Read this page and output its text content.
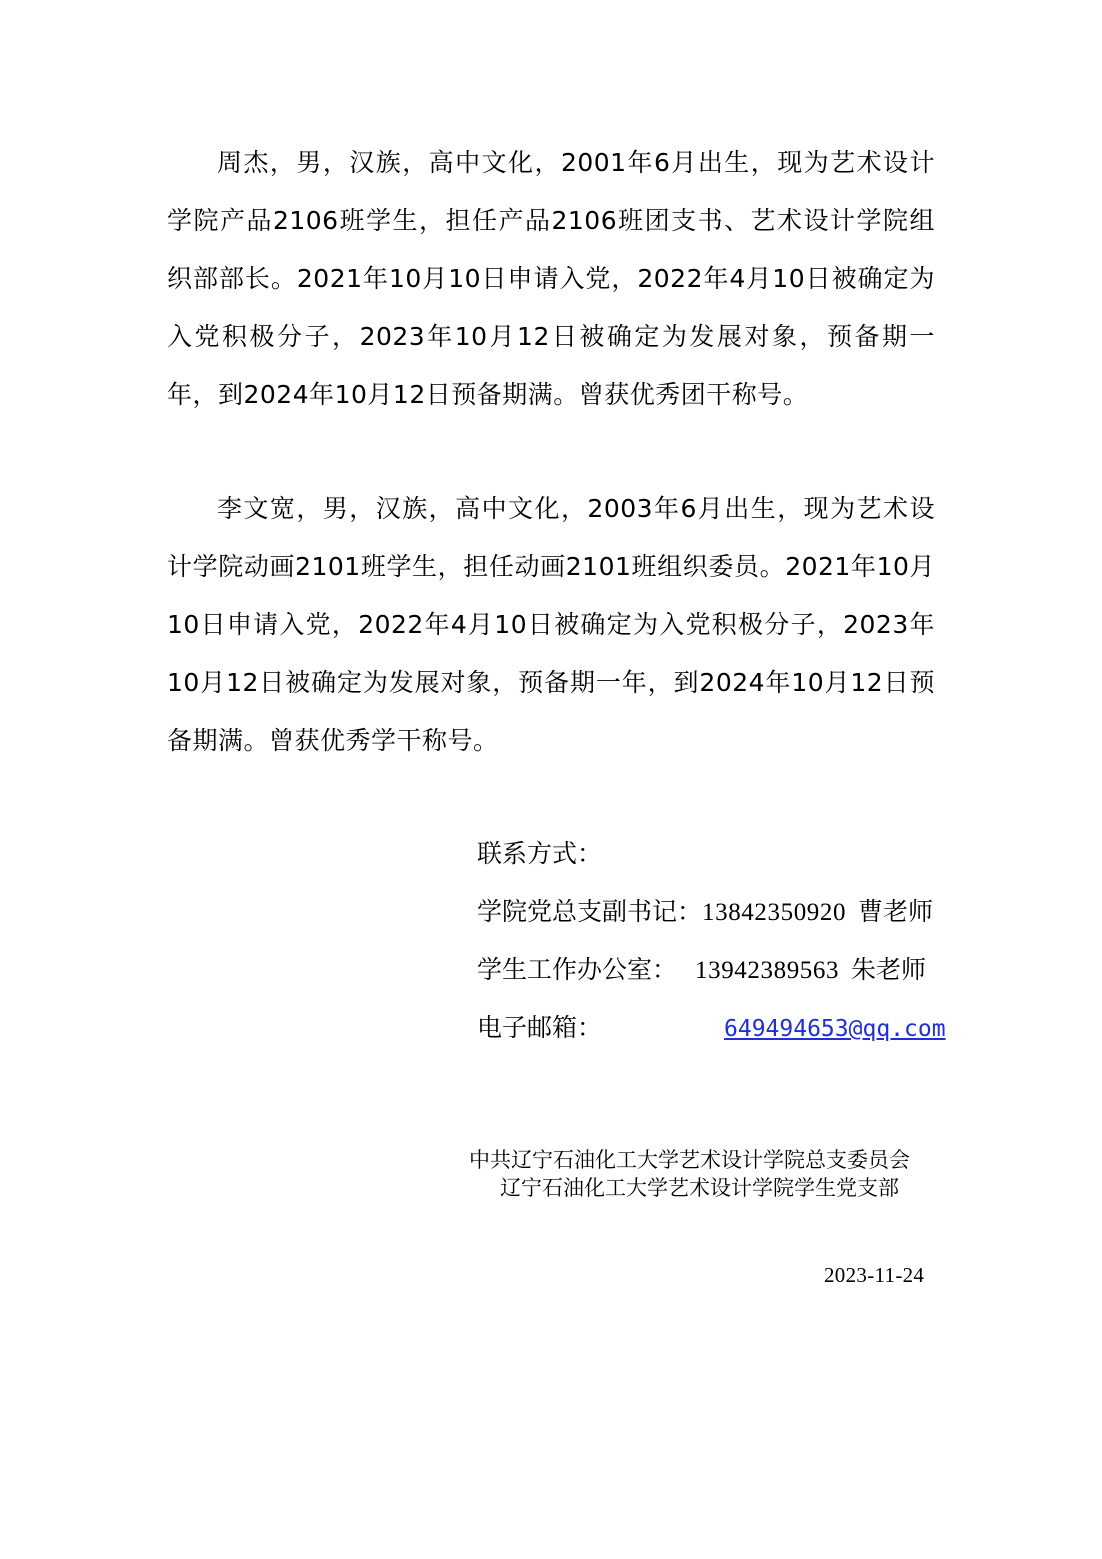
周杰，男，汉族，高中文化，2001年6月出生，现为艺术设计学院产品2106班学生，担任产品2106班团支书、艺术设计学院组织部部长。2021年10月10日申请入党，2022年4月10日被确定为入党积极分子，2023年10月12日被确定为发展对象，预备期一年，到2024年10月12日预备期满。曾获优秀团干称号。

李文宽，男，汉族，高中文化，2003年6月出生，现为艺术设计学院动画2101班学生，担任动画2101班组织委员。2021年10月10日申请入党，2022年4月10日被确定为入党积极分子，2023年10月12日被确定为发展对象，预备期一年，到2024年10月12日预备期满。曾获优秀学干称号。

联系方式：
学院党总支副书记： 13842350920 曹老师
学生工作办公室： 13942389563 朱老师
电子邮箱：	649494653@qq.com
中共辽宁石油化工大学艺术设计学院总支委员会
辽宁石油化工大学艺术设计学院学生党支部
2023-11-24
